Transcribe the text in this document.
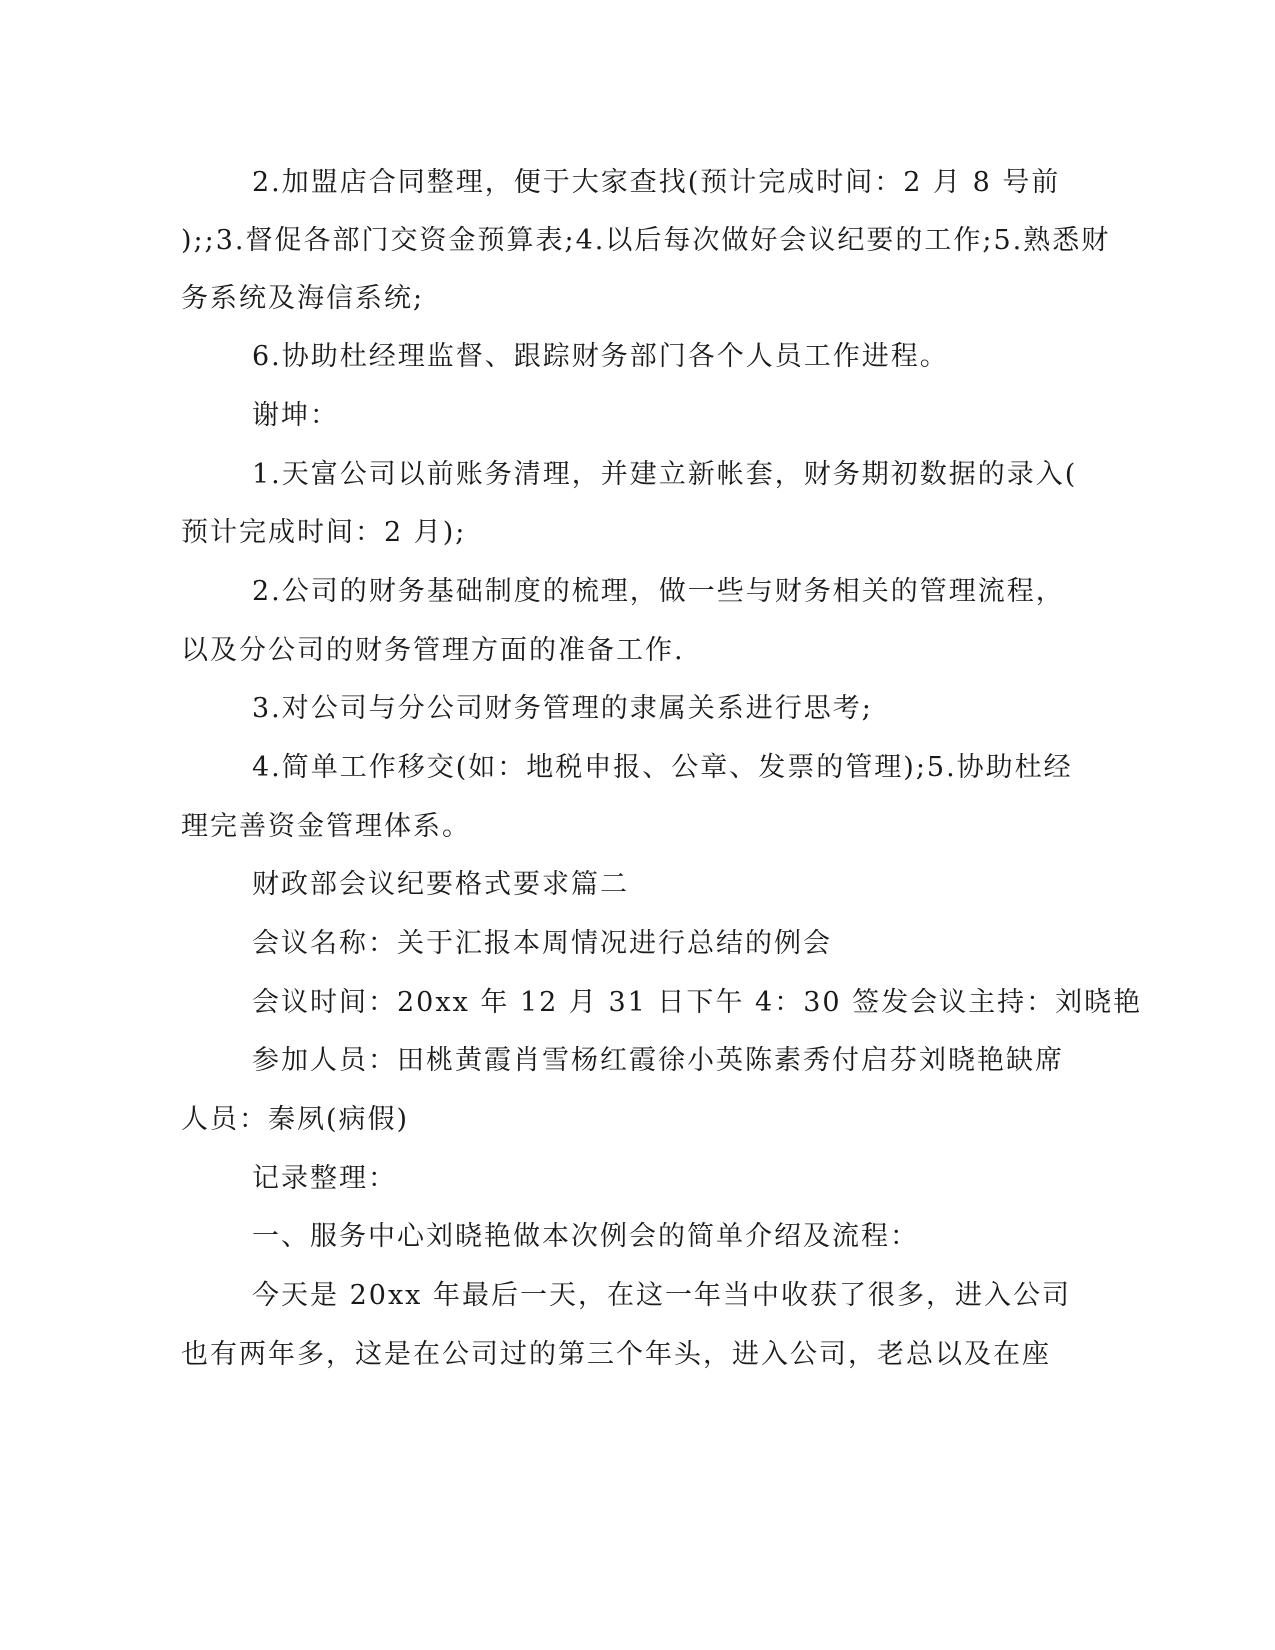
2.加盟店合同整理，便于大家查找(预计完成时间：2 月 8 号前
);;3.督促各部门交资金预算表;4.以后每次做好会议纪要的工作;5.熟悉财
务系统及海信系统;
6.协助杜经理监督、跟踪财务部门各个人员工作进程。
谢坤：
1.天富公司以前账务清理，并建立新帐套，财务期初数据的录入(
预计完成时间：2 月);
2.公司的财务基础制度的梳理，做一些与财务相关的管理流程，
以及分公司的财务管理方面的准备工作.
3.对公司与分公司财务管理的隶属关系进行思考;
4.简单工作移交(如：地税申报、公章、发票的管理);5.协助杜经
理完善资金管理体系。
财政部会议纪要格式要求篇二
会议名称：关于汇报本周情况进行总结的例会
会议时间：20xx 年 12 月 31 日下午 4：30 签发会议主持：刘晓艳
参加人员：田桃黄霞肖雪杨红霞徐小英陈素秀付启芬刘晓艳缺席
人员：秦夙(病假)
记录整理：
一、服务中心刘晓艳做本次例会的简单介绍及流程：
今天是 20xx 年最后一天，在这一年当中收获了很多，进入公司
也有两年多，这是在公司过的第三个年头，进入公司，老总以及在座
